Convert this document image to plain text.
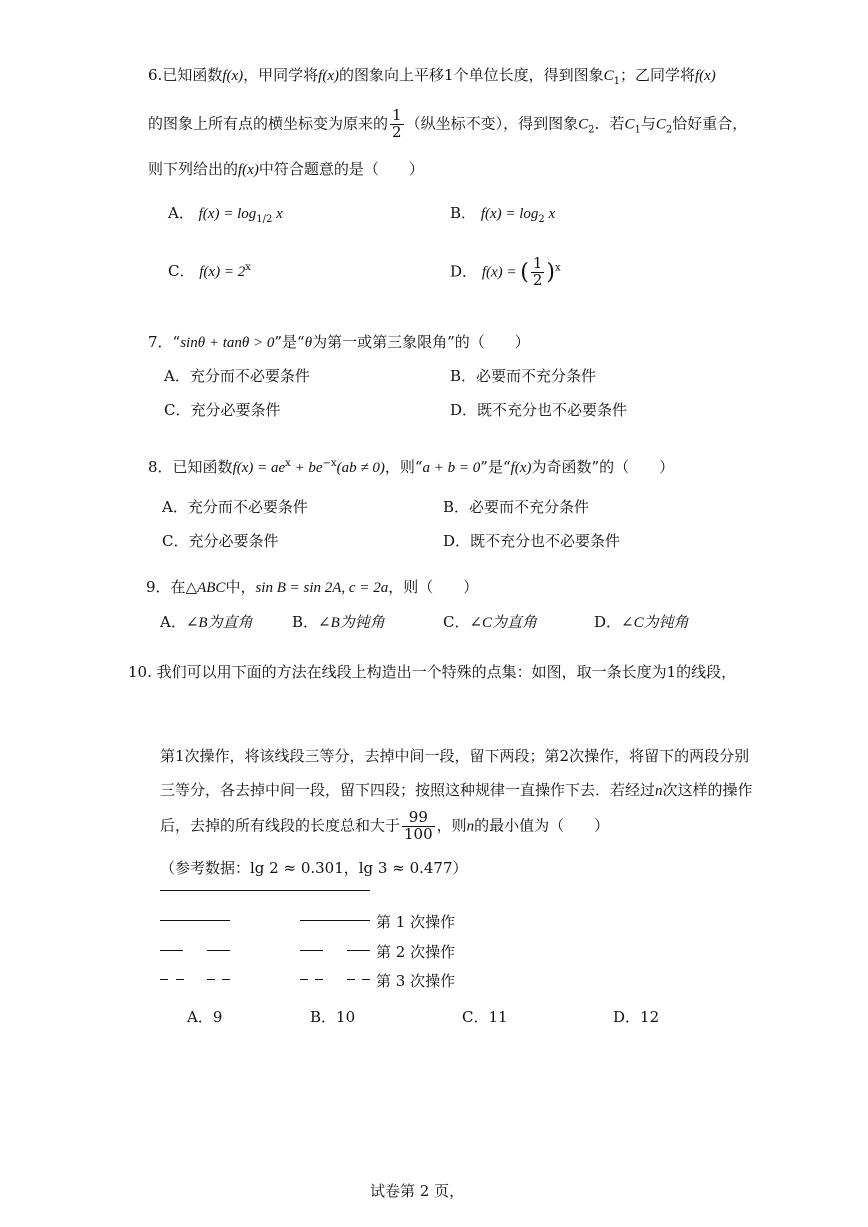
6.已知函数f(x)，甲同学将f(x)的图象向上平移1个单位长度，得到图象$C_1$；乙同学将f(x)
的图象上所有点的横坐标变为原来的 $\frac{1}{2}$ （纵坐标不变），得到图象$C_2$．若$C_1$与$C_2$恰好重合，
则下列给出的f(x)中符合题意的是（　　）
A． $f(x) = \log_{1/2} x$	B． $f(x) = \log_2 x$
C． $f(x) = 2^x$	D． f(x) = ( $\frac{1}{2} )^x$
7．“sinθ + tanθ > 0”是“θ为第一或第三象限角”的（　　）
A．充分而不必要条件	B．必要而不充分条件
C．充分必要条件	D．既不充分也不必要条件
8．已知函数$f(x) = ae^x + be^{-x}(ab \ne 0)$，则“a + b = 0”是“f(x)为奇函数”的（　　）
A．充分而不必要条件	B．必要而不充分条件
C．充分必要条件	D．既不充分也不必要条件
9．在△ABC中，sin B = sin 2A, c = 2a，则（　　）
A．∠B为直角	B．∠B为钝角	C．∠C为直角	D．∠C为钝角
10. 我们可以用下面的方法在线段上构造出一个特殊的点集：如图，取一条长度为1的线段，
第1次操作，将该线段三等分，去掉中间一段，留下两段；第2次操作，将留下的两段分别
三等分，各去掉中间一段，留下四段；按照这种规律一直操作下去．若经过n次这样的操作
后，去掉的所有线段的长度总和大于 $\frac{99}{100}$ ，则n的最小值为（　　）
（参考数据：lg 2 ≈ 0.301，lg 3 ≈ 0.477）
第 1 次操作
第 2 次操作
第 3 次操作
A．9	B．10	C．11	D．12
试卷第 2 页，
